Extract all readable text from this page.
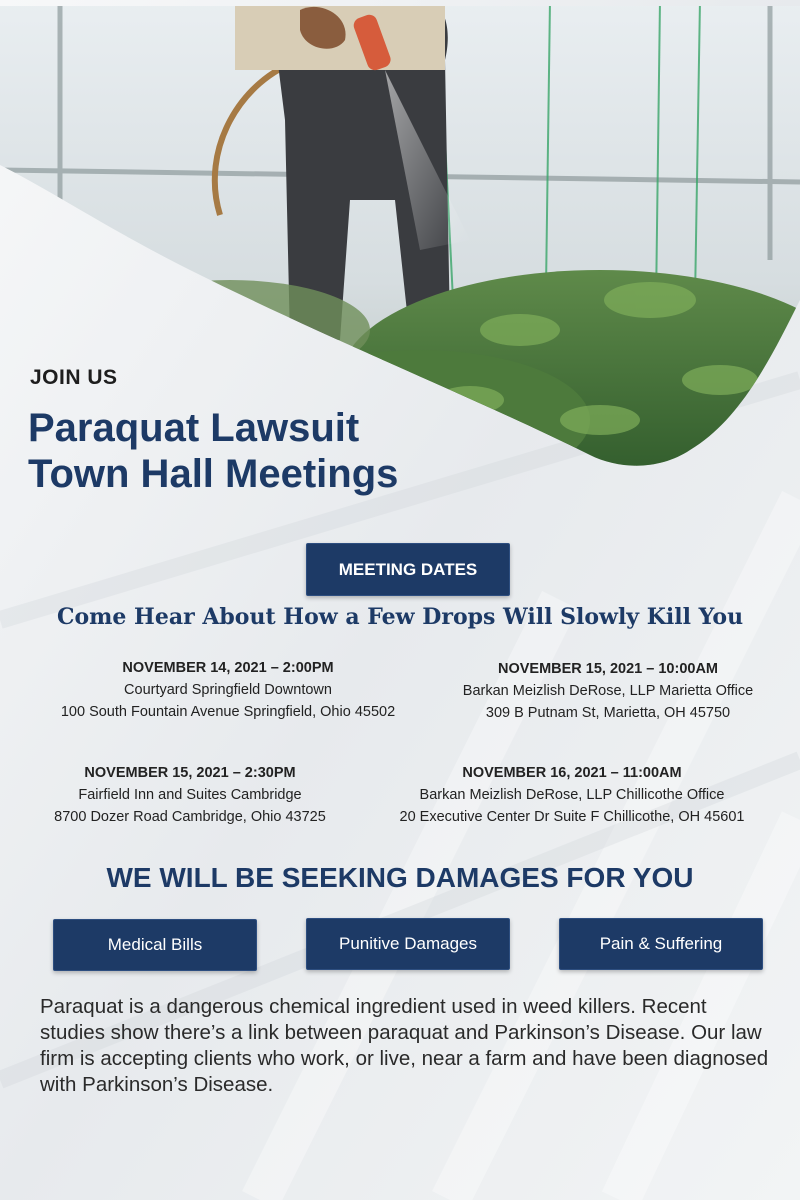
JOIN US
Paraquat Lawsuit
Town Hall Meetings
MEETING DATES
Come Hear About How a Few Drops Will Slowly Kill You
NOVEMBER 14, 2021 – 2:00PM
Courtyard Springfield Downtown
100 South Fountain Avenue Springfield, Ohio 45502
NOVEMBER 15, 2021 – 10:00AM
Barkan Meizlish DeRose, LLP Marietta Office
309 B Putnam St, Marietta, OH 45750
NOVEMBER 15, 2021 – 2:30PM
Fairfield Inn and Suites Cambridge
8700 Dozer Road Cambridge, Ohio 43725
NOVEMBER 16, 2021 – 11:00AM
Barkan Meizlish DeRose, LLP Chillicothe Office
20 Executive Center Dr Suite F Chillicothe, OH 45601
WE WILL BE SEEKING DAMAGES FOR YOU
Medical Bills	Punitive Damages	Pain & Suffering

Paraquat is a dangerous chemical ingredient used in weed killers. Recent studies show there’s a link between paraquat and Parkinson’s Disease. Our law firm is accepting clients who work, or live, near a farm and have been diagnosed with Parkinson’s Disease.
